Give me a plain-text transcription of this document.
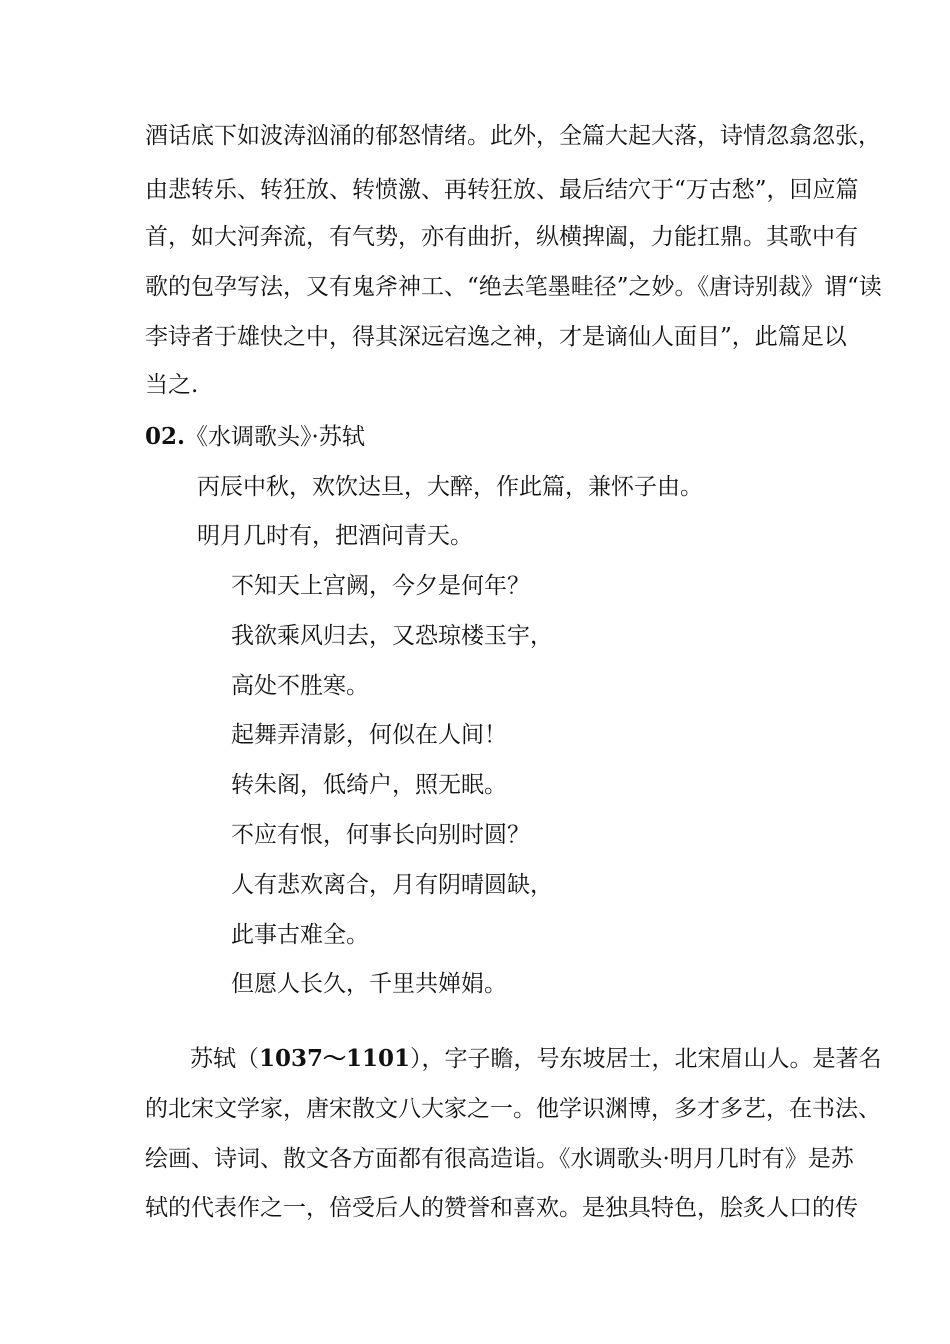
酒话底下如波涛汹涌的郁怒情绪。此外，全篇大起大落，诗情忽翕忽张，
由悲转乐、转狂放、转愤激、再转狂放、最后结穴于“万古愁”，回应篇
首，如大河奔流，有气势，亦有曲折，纵横捭阖，力能扛鼎。其歌中有
歌的包孕写法，又有鬼斧神工、“绝去笔墨畦径”之妙。《唐诗别裁》谓“读
李诗者于雄快之中，得其深远宕逸之神，才是谪仙人面目”，此篇足以
当之.
02.《水调歌头》·苏轼
丙辰中秋，欢饮达旦，大醉，作此篇，兼怀子由。
明月几时有，把酒问青天。
不知天上宫阙，今夕是何年？
我欲乘风归去，又恐琼楼玉宇，
高处不胜寒。
起舞弄清影，何似在人间！
转朱阁，低绮户，照无眠。
不应有恨，何事长向别时圆？
人有悲欢离合，月有阴晴圆缺，
此事古难全。
但愿人长久，千里共婵娟。
苏轼（1037～1101），字子瞻，号东坡居士，北宋眉山人。是著名
的北宋文学家，唐宋散文八大家之一。他学识渊博，多才多艺，在书法、
绘画、诗词、散文各方面都有很高造诣。《水调歌头·明月几时有》是苏
轼的代表作之一，倍受后人的赞誉和喜欢。是独具特色，脍炙人口的传
